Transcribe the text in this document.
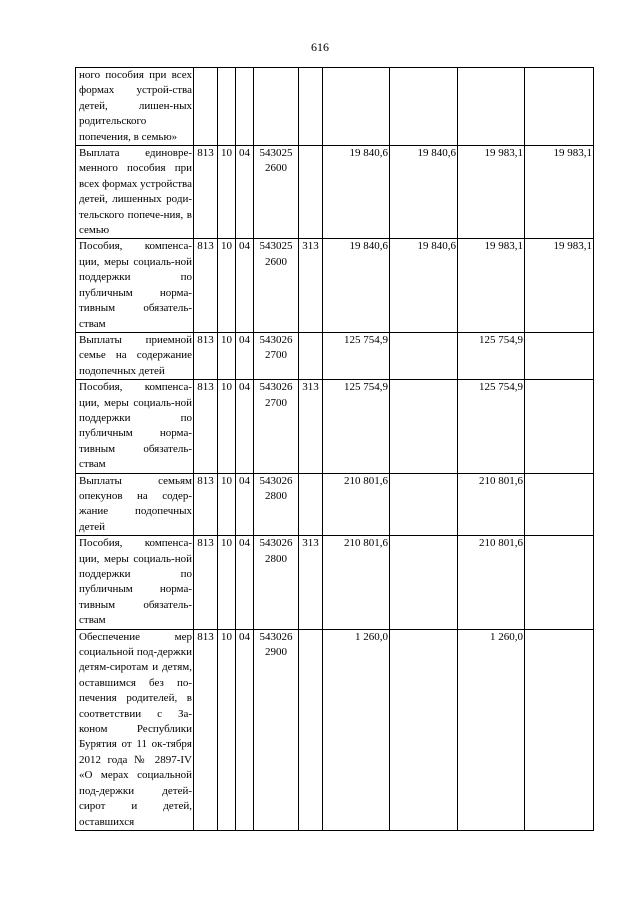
616
ного пособия при всех формах устрой-ства детей, лишен-ных родительского попечения, в семью»									
Выплата единовре-менного пособия при всех формах устройства детей, лишенных роди-тельского попече-ния, в семью	813	10	04	543025 2600		19 840,6	19 840,6	19 983,1	19 983,1
Пособия, компенса-ции, меры социаль-ной поддержки по публичным норма-тивным обязатель-ствам	813	10	04	543025 2600	313	19 840,6	19 840,6	19 983,1	19 983,1
Выплаты приемной семье на содержание подопечных детей	813	10	04	543026 2700		125 754,9		125 754,9	
Пособия, компенса-ции, меры социаль-ной поддержки по публичным норма-тивным обязатель-ствам	813	10	04	543026 2700	313	125 754,9		125 754,9	
Выплаты семьям опекунов на содер-жание подопечных детей	813	10	04	543026 2800		210 801,6		210 801,6	
Пособия, компенса-ции, меры социаль-ной поддержки по публичным норма-тивным обязатель-ствам	813	10	04	543026 2800	313	210 801,6		210 801,6	
Обеспечение мер социальной под-держки детям-сиротам и детям, оставшимся без по-печения родителей, в соответствии с За-коном Республики Бурятия от 11 ок-тября 2012 года № 2897-IV «О мерах социальной под-держки детей-сирот и детей, оставшихся	813	10	04	543026 2900		1 260,0		1 260,0	
